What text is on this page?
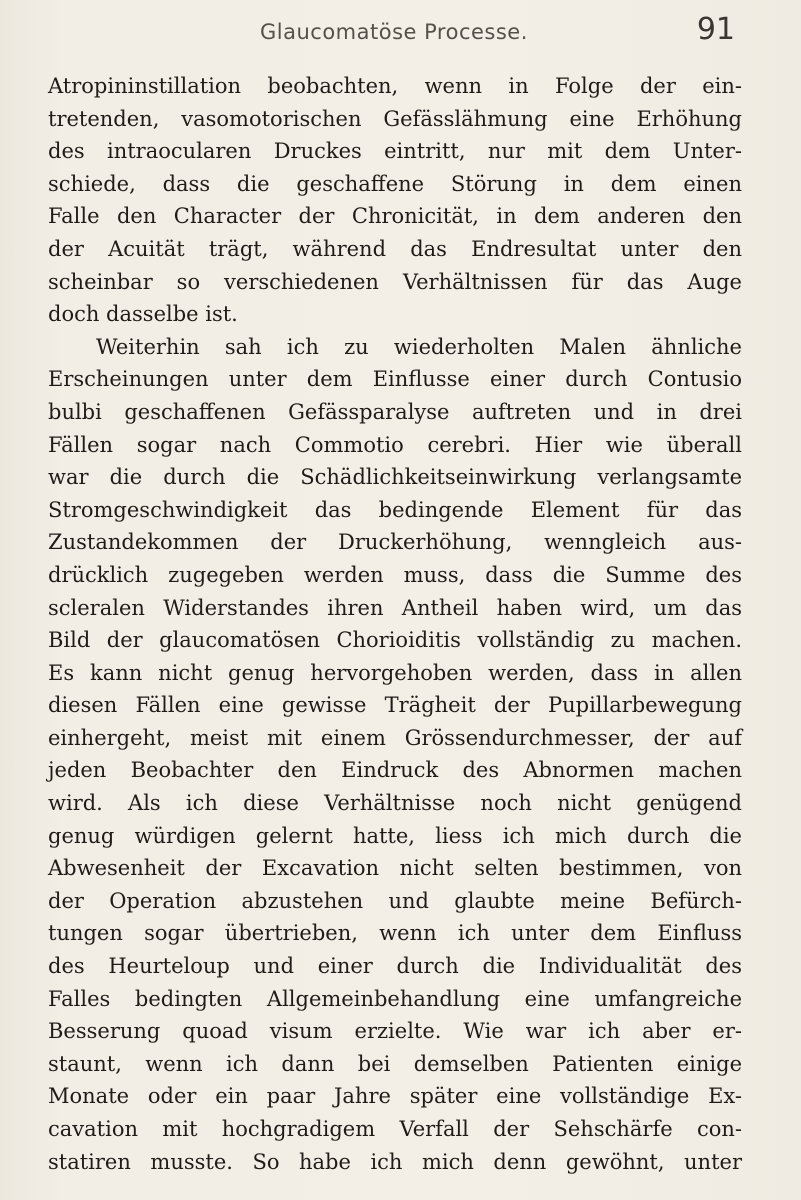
Glaucomatöse Processe.	91
Atropininstillation beobachten, wenn in Folge der ein-
tretenden, vasomotorischen Gefässlähmung eine Erhöhung
des intraocularen Druckes eintritt, nur mit dem Unter-
schiede, dass die geschaffene Störung in dem einen
Falle den Character der Chronicität, in dem anderen den
der Acuität trägt, während das Endresultat unter den
scheinbar so verschiedenen Verhältnissen für das Auge
doch dasselbe ist.
Weiterhin sah ich zu wiederholten Malen ähnliche
Erscheinungen unter dem Einflusse einer durch Contusio
bulbi geschaffenen Gefässparalyse auftreten und in drei
Fällen sogar nach Commotio cerebri. Hier wie überall
war die durch die Schädlichkeitseinwirkung verlangsamte
Stromgeschwindigkeit das bedingende Element für das
Zustandekommen der Druckerhöhung, wenngleich aus-
drücklich zugegeben werden muss, dass die Summe des
scleralen Widerstandes ihren Antheil haben wird, um das
Bild der glaucomatösen Chorioiditis vollständig zu machen.
Es kann nicht genug hervorgehoben werden, dass in allen
diesen Fällen eine gewisse Trägheit der Pupillarbewegung
einhergeht, meist mit einem Grössendurchmesser, der auf
jeden Beobachter den Eindruck des Abnormen machen
wird. Als ich diese Verhältnisse noch nicht genügend
genug würdigen gelernt hatte, liess ich mich durch die
Abwesenheit der Excavation nicht selten bestimmen, von
der Operation abzustehen und glaubte meine Befürch-
tungen sogar übertrieben, wenn ich unter dem Einfluss
des Heurteloup und einer durch die Individualität des
Falles bedingten Allgemeinbehandlung eine umfangreiche
Besserung quoad visum erzielte. Wie war ich aber er-
staunt, wenn ich dann bei demselben Patienten einige
Monate oder ein paar Jahre später eine vollständige Ex-
cavation mit hochgradigem Verfall der Sehschärfe con-
statiren musste. So habe ich mich denn gewöhnt, unter
